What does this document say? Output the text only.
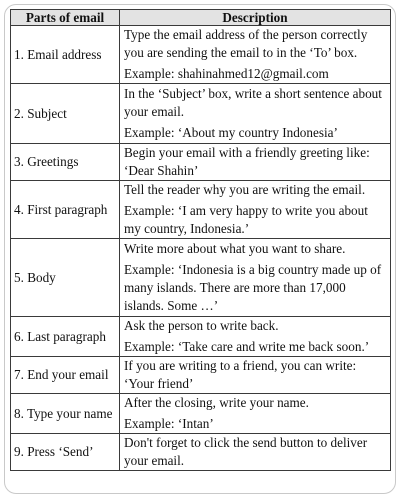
Parts of email	Description
1. Email address	Type the email address of the person correctly you are sending the email to in the ‘To’ box.
Example: shahinahmed12@gmail.com

2. Subject	In the ‘Subject’ box, write a short sentence about your email.
Example: ‘About my country Indonesia’

3. Greetings	Begin your email with a friendly greeting like: ‘Dear Shahin’

4. First paragraph	Tell the reader why you are writing the email.
Example: ‘I am very happy to write you about my country, Indonesia.’

5. Body	Write more about what you want to share.
Example: ‘Indonesia is a big country made up of many islands. There are more than 17,000 islands. Some …’

6. Last paragraph	Ask the person to write back.
Example: ‘Take care and write me back soon.’

7. End your email	If you are writing to a friend, you can write: ‘Your friend’

8. Type your name	After the closing, write your name.
Example: ‘Intan’

9. Press ‘Send’	Don't forget to click the send button to deliver your email.
